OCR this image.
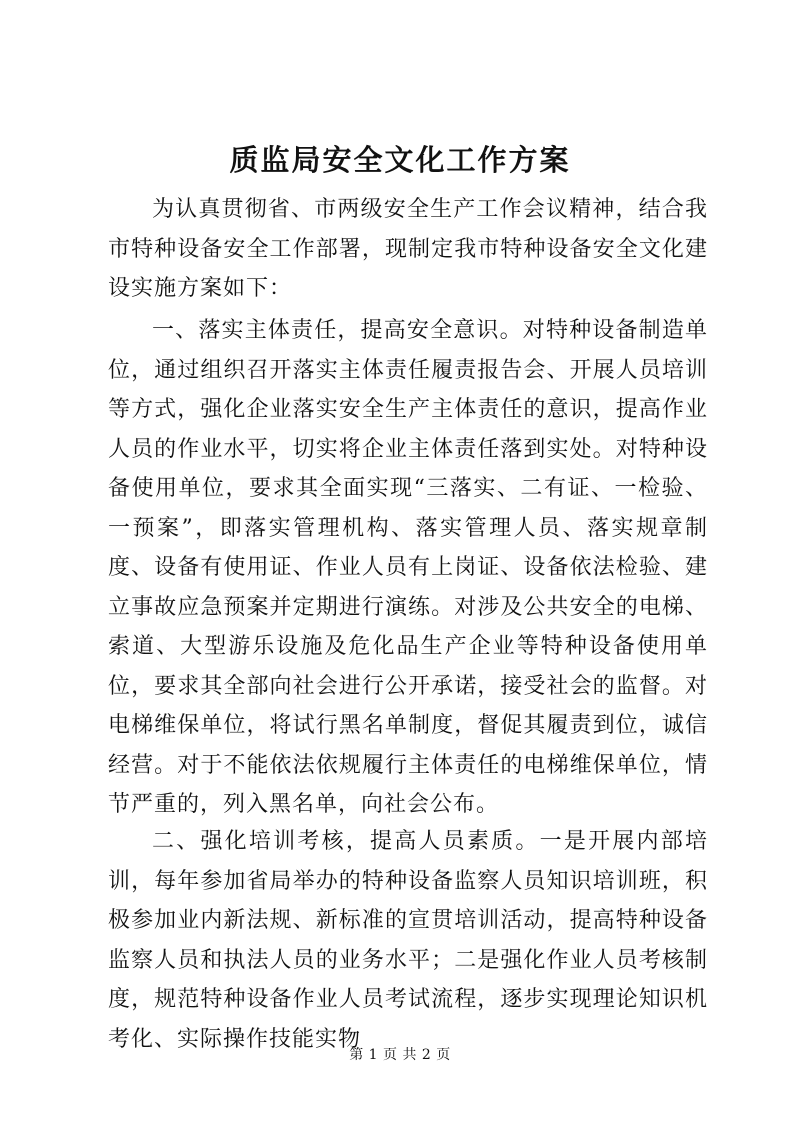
质监局安全文化工作方案

为认真贯彻省、市两级安全生产工作会议精神，结合我市特种设备安全工作部署，现制定我市特种设备安全文化建设实施方案如下：

一、落实主体责任，提高安全意识。对特种设备制造单位，通过组织召开落实主体责任履责报告会、开展人员培训等方式，强化企业落实安全生产主体责任的意识，提高作业人员的作业水平，切实将企业主体责任落到实处。对特种设备使用单位，要求其全面实现“三落实、二有证、一检验、一预案”，即落实管理机构、落实管理人员、落实规章制度、设备有使用证、作业人员有上岗证、设备依法检验、建立事故应急预案并定期进行演练。对涉及公共安全的电梯、索道、大型游乐设施及危化品生产企业等特种设备使用单位，要求其全部向社会进行公开承诺，接受社会的监督。对电梯维保单位，将试行黑名单制度，督促其履责到位，诚信经营。对于不能依法依规履行主体责任的电梯维保单位，情节严重的，列入黑名单，向社会公布。

二、强化培训考核，提高人员素质。一是开展内部培训，每年参加省局举办的特种设备监察人员知识培训班，积极参加业内新法规、新标准的宣贯培训活动，提高特种设备监察人员和执法人员的业务水平；二是强化作业人员考核制度，规范特种设备作业人员考试流程，逐步实现理论知识机考化、实际操作技能实物

第 1 页 共 2 页
